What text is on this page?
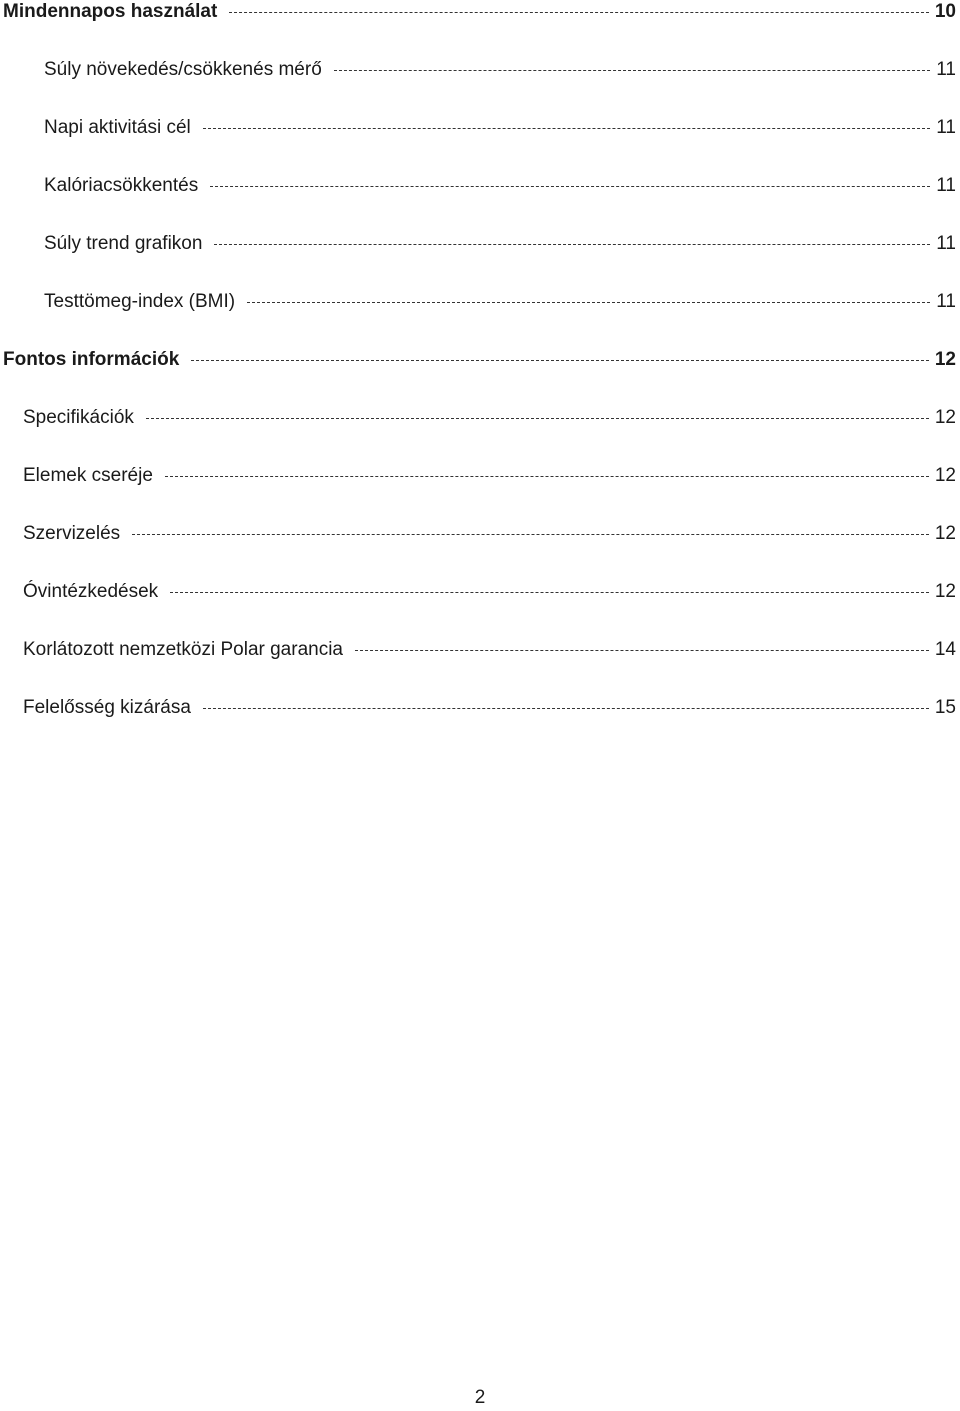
Mindennapos használat	10
Súly növekedés/csökkenés mérő	11
Napi aktivitási cél	11
Kalóriacsökkentés	11
Súly trend grafikon	11
Testtömeg-index (BMI)	11
Fontos információk	12
Specifikációk	12
Elemek cseréje	12
Szervizelés	12
Óvintézkedések	12
Korlátozott nemzetközi Polar garancia	14
Felelősség kizárása	15
2
